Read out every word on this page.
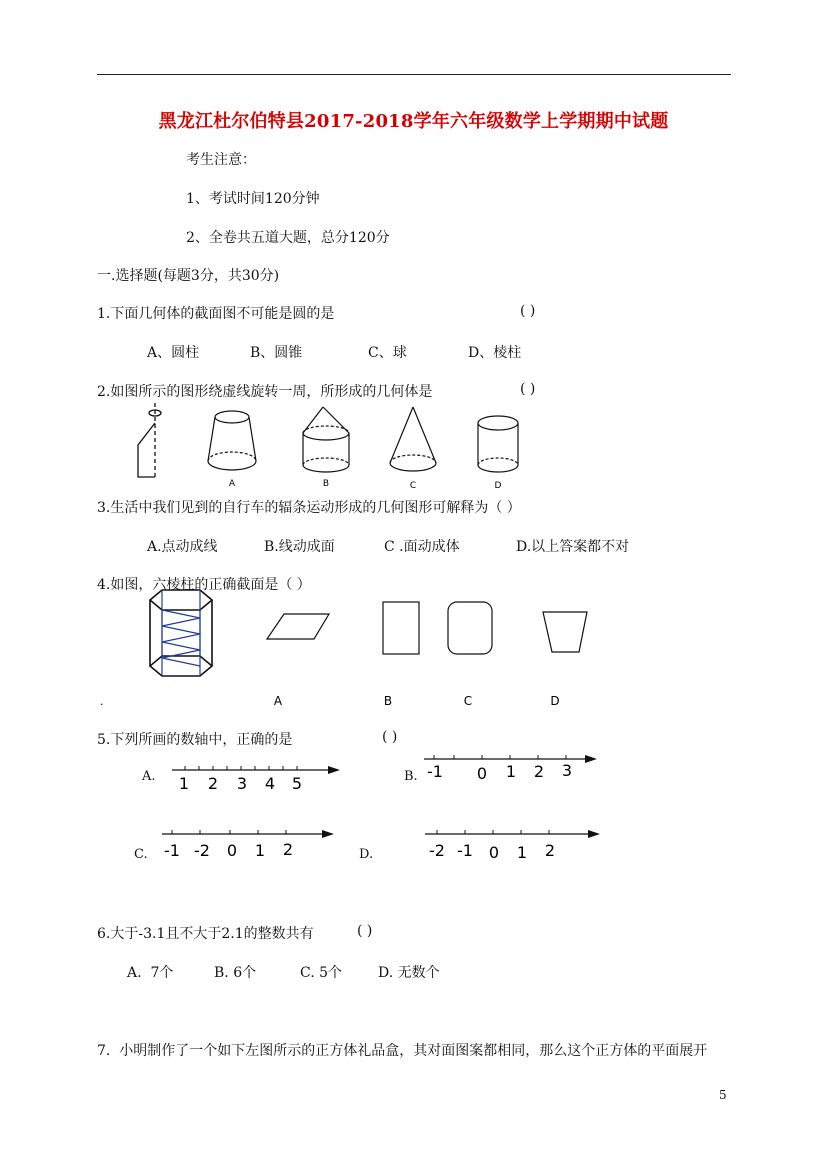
黑龙江杜尔伯特县2017-2018学年六年级数学上学期期中试题
考生注意：
1、考试时间120分钟
2、全卷共五道大题，总分120分
一.选择题(每题3分，共30分)
1.下面几何体的截面图不可能是圆的是	( )
A、圆柱	B、圆锥	C、球	D、棱柱
2.如图所示的图形绕虚线旋转一周，所形成的几何体是	( )
A	B	C	D
3.生活中我们见到的自行车的辐条运动形成的几何图形可解释为（ ）
A.点动成线	B.线动成面	C .面动成体	D.以上答案都不对
4.如图，六棱柱的正确截面是（ ）
.	A	B	C	D
5.下列所画的数轴中，正确的是	( )
A.	B.
C.	D.
1 2 3 4 5
-1 0 1 2 3
-1 -2 0 1 2	-2 -1 0 1 2
6.大于-3.1且不大于2.1的整数共有	( )
A.  7个	B. 6个	C. 5个	D. 无数个
7.  小明制作了一个如下左图所示的正方体礼品盒，其对面图案都相同，那么这个正方体的平面展开
5
